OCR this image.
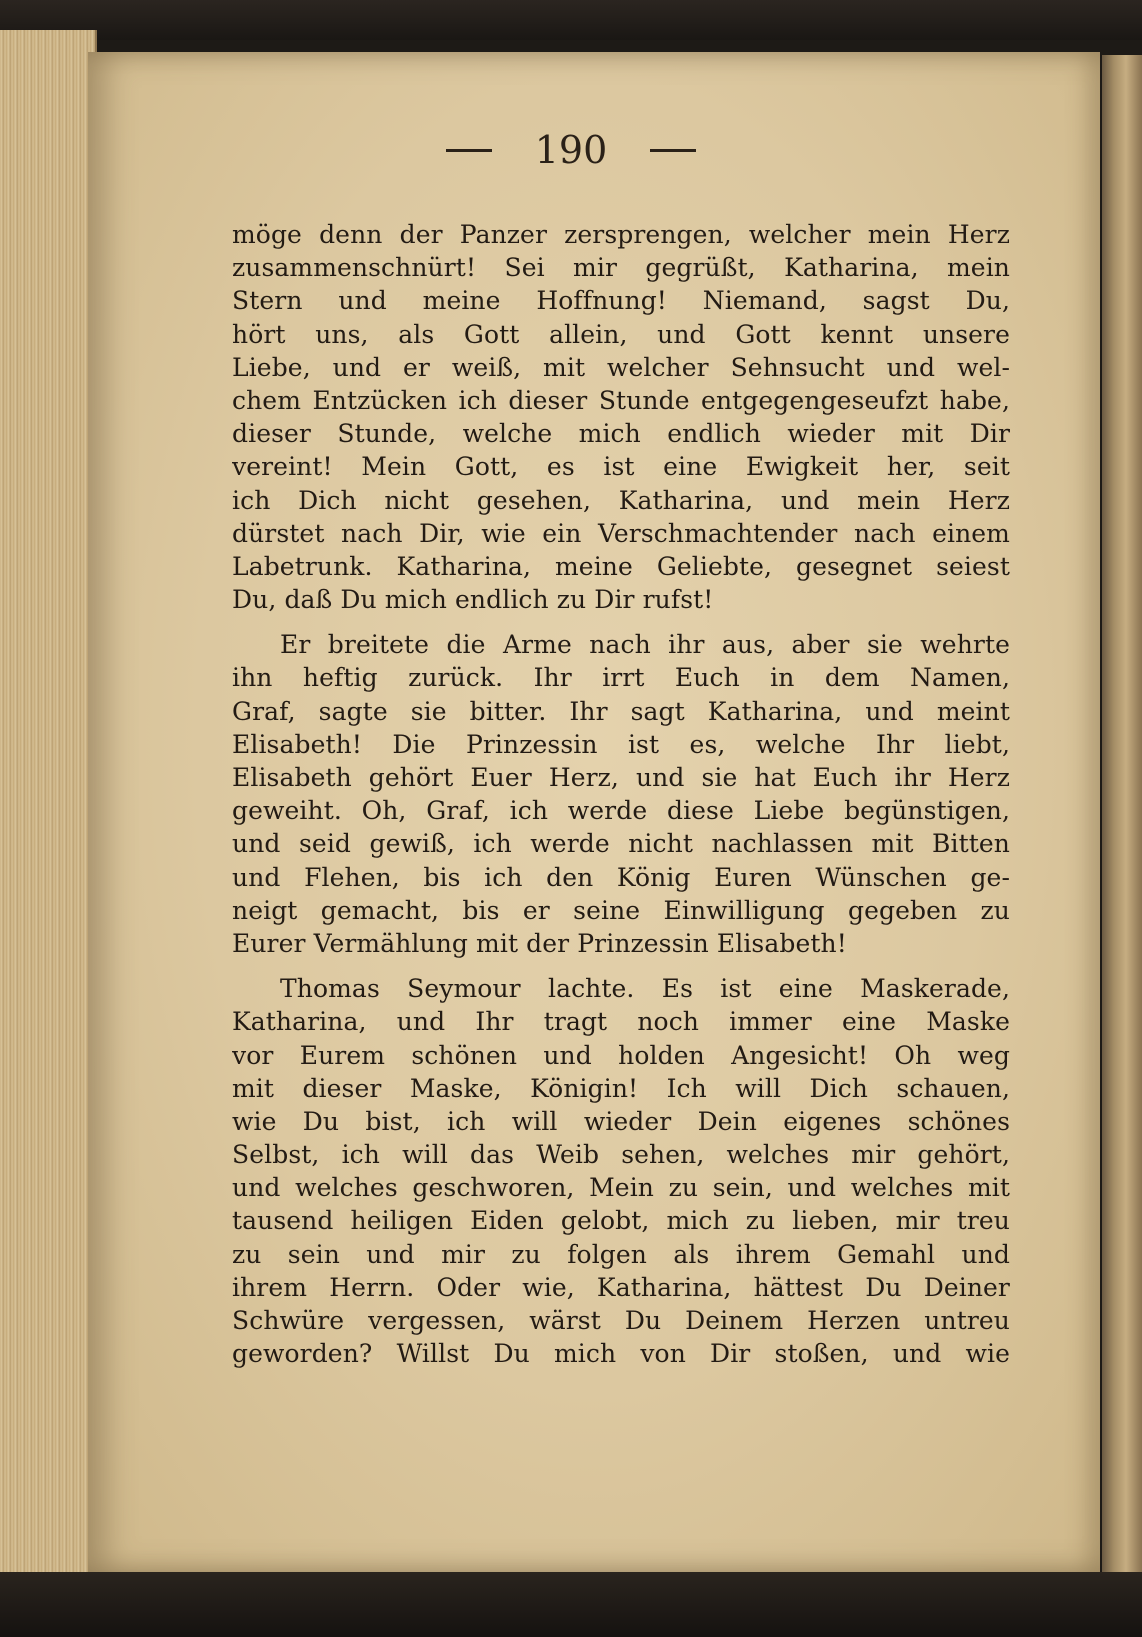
190
möge denn der Panzer zersprengen, welcher mein Herz
zusammenschnürt! Sei mir gegrüßt, Katharina, mein
Stern und meine Hoffnung! Niemand, sagst Du,
hört uns, als Gott allein, und Gott kennt unsere
Liebe, und er weiß, mit welcher Sehnsucht und wel-
chem Entzücken ich dieser Stunde entgegengeseufzt habe,
dieser Stunde, welche mich endlich wieder mit Dir
vereint! Mein Gott, es ist eine Ewigkeit her, seit
ich Dich nicht gesehen, Katharina, und mein Herz
dürstet nach Dir, wie ein Verschmachtender nach einem
Labetrunk. Katharina, meine Geliebte, gesegnet seiest
Du, daß Du mich endlich zu Dir rufst!
Er breitete die Arme nach ihr aus, aber sie wehrte
ihn heftig zurück. Ihr irrt Euch in dem Namen,
Graf, sagte sie bitter. Ihr sagt Katharina, und meint
Elisabeth! Die Prinzessin ist es, welche Ihr liebt,
Elisabeth gehört Euer Herz, und sie hat Euch ihr Herz
geweiht. Oh, Graf, ich werde diese Liebe begünstigen,
und seid gewiß, ich werde nicht nachlassen mit Bitten
und Flehen, bis ich den König Euren Wünschen ge-
neigt gemacht, bis er seine Einwilligung gegeben zu
Eurer Vermählung mit der Prinzessin Elisabeth!
Thomas Seymour lachte. Es ist eine Maskerade,
Katharina, und Ihr tragt noch immer eine Maske
vor Eurem schönen und holden Angesicht! Oh weg
mit dieser Maske, Königin! Ich will Dich schauen,
wie Du bist, ich will wieder Dein eigenes schönes
Selbst, ich will das Weib sehen, welches mir gehört,
und welches geschworen, Mein zu sein, und welches mit
tausend heiligen Eiden gelobt, mich zu lieben, mir treu
zu sein und mir zu folgen als ihrem Gemahl und
ihrem Herrn. Oder wie, Katharina, hättest Du Deiner
Schwüre vergessen, wärst Du Deinem Herzen untreu
geworden? Willst Du mich von Dir stoßen, und wie
